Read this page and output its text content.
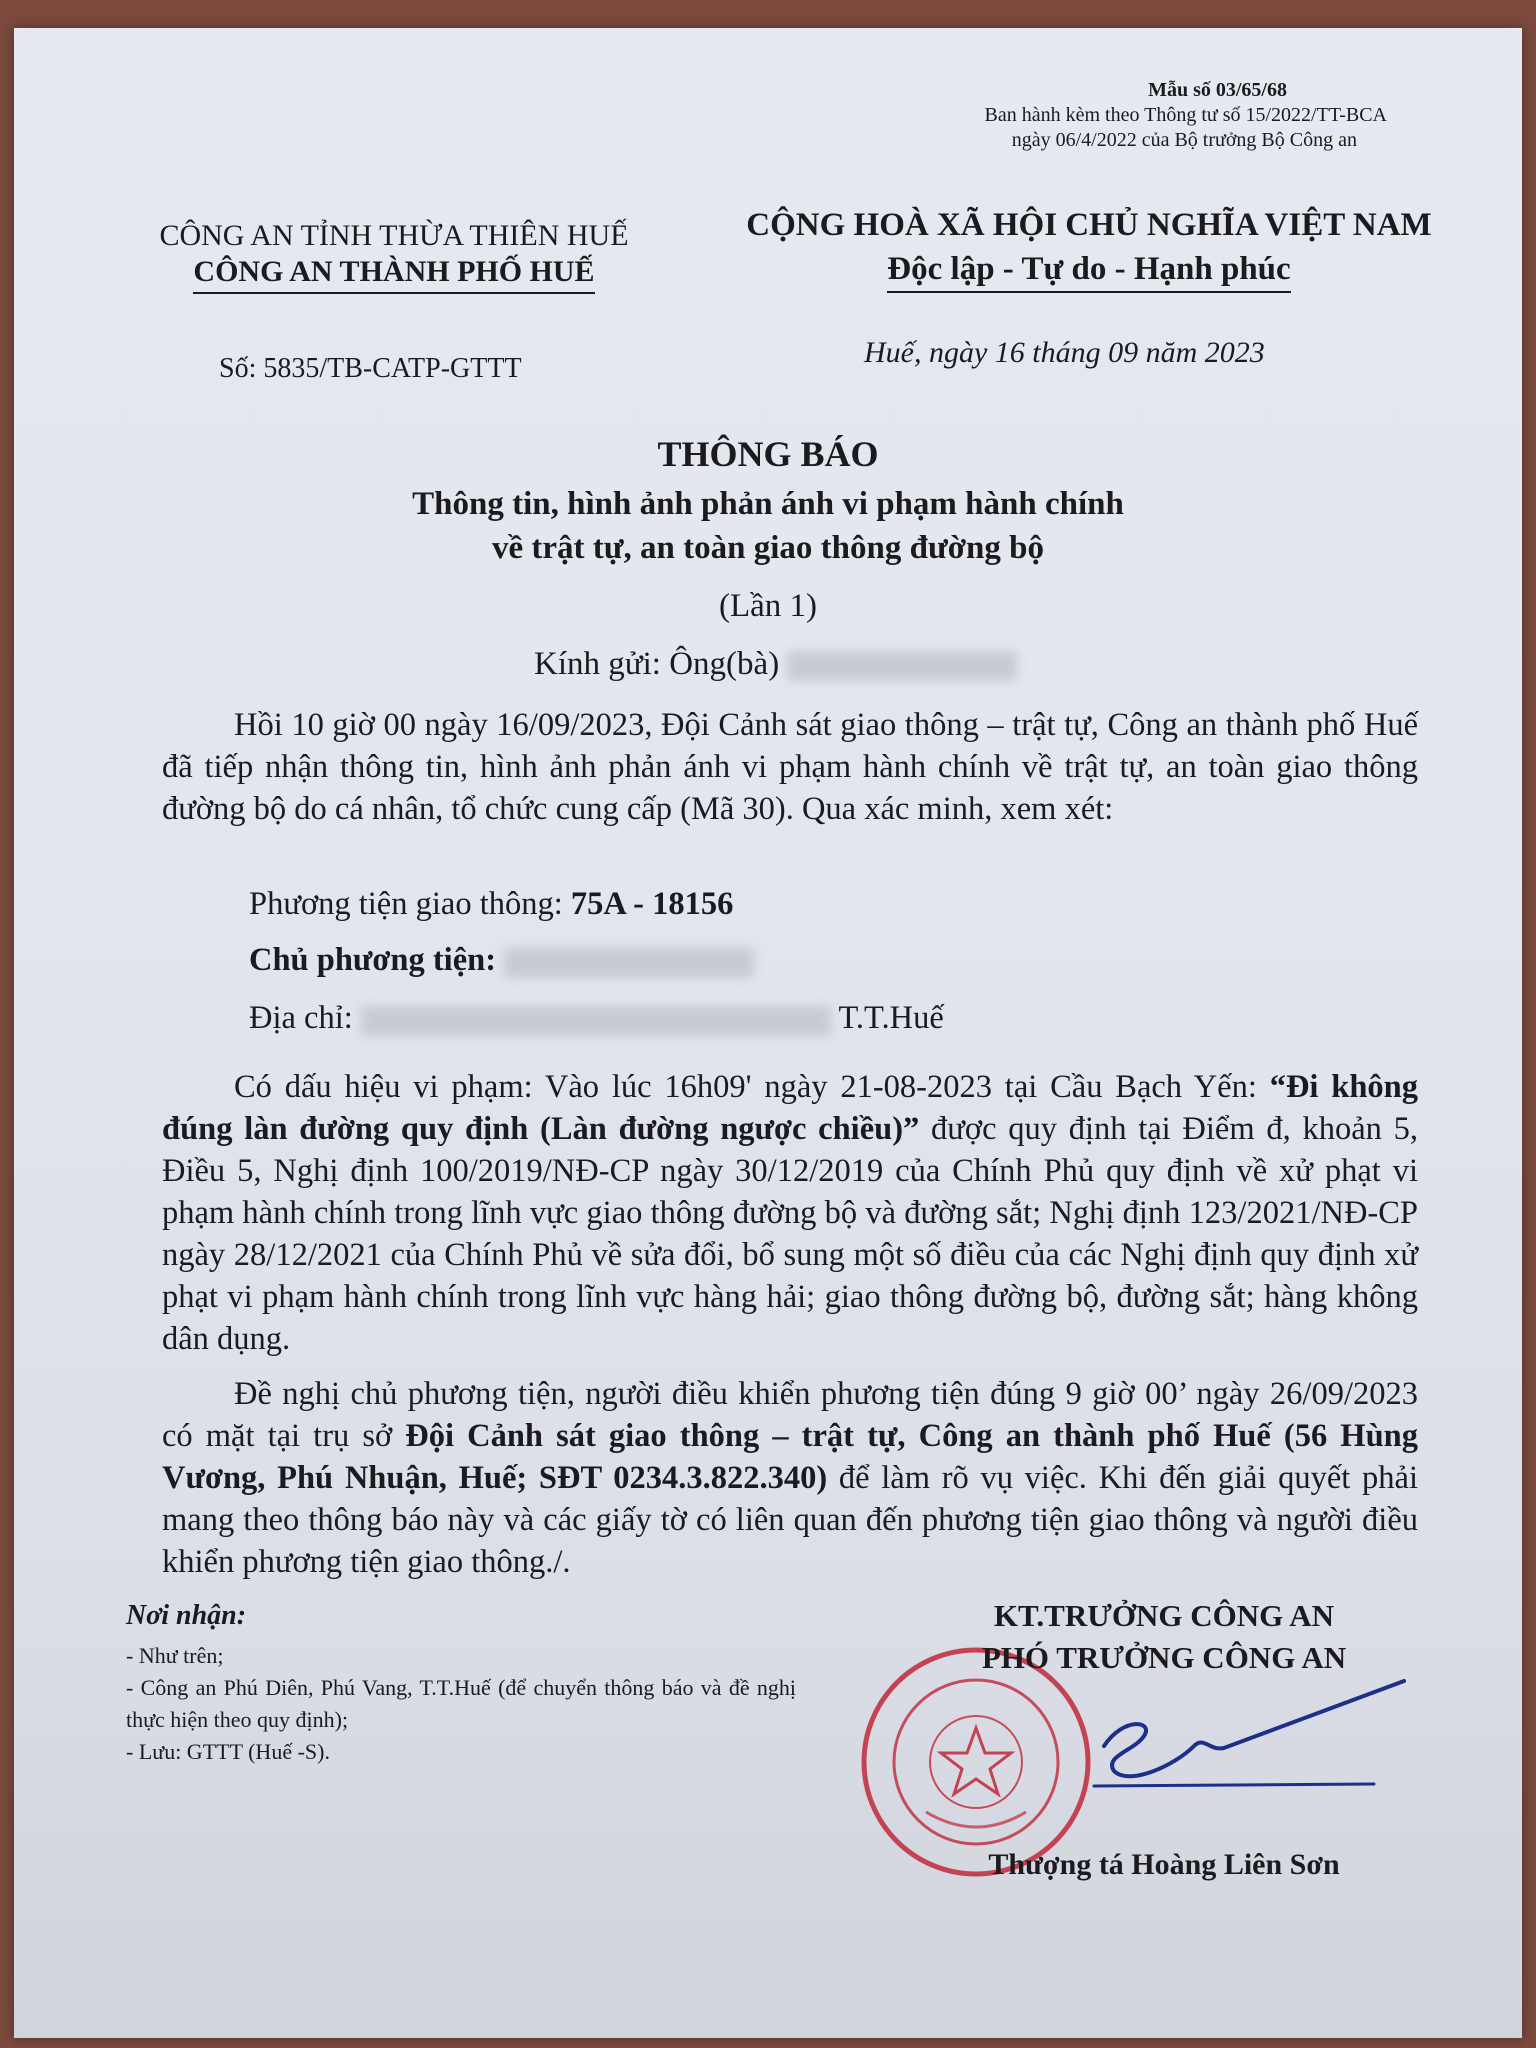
Mẫu số 03/65/68
Ban hành kèm theo Thông tư số 15/2022/TT-BCA
ngày 06/4/2022 của Bộ trưởng Bộ Công an
CÔNG AN TỈNH THỪA THIÊN HUẾ
CÔNG AN THÀNH PHỐ HUẾ
CỘNG HOÀ XÃ HỘI CHỦ NGHĨA VIỆT NAM
Độc lập - Tự do - Hạnh phúc
Số: 5835/TB-CATP-GTTT	Huế, ngày 16 tháng 09 năm 2023
THÔNG BÁO
Thông tin, hình ảnh phản ánh vi phạm hành chính
về trật tự, an toàn giao thông đường bộ
(Lần 1)
Kính gửi: Ông(bà)
Hồi 10 giờ 00 ngày 16/09/2023, Đội Cảnh sát giao thông – trật tự, Công an thành phố Huế đã tiếp nhận thông tin, hình ảnh phản ánh vi phạm hành chính về trật tự, an toàn giao thông đường bộ do cá nhân, tổ chức cung cấp (Mã 30). Qua xác minh, xem xét:
Phương tiện giao thông: 75A - 18156
Chủ phương tiện:
Địa chỉ:	T.T.Huế
Có dấu hiệu vi phạm: Vào lúc 16h09' ngày 21-08-2023 tại Cầu Bạch Yến: “Đi không đúng làn đường quy định (Làn đường ngược chiều)” được quy định tại Điểm đ, khoản 5, Điều 5, Nghị định 100/2019/NĐ-CP ngày 30/12/2019 của Chính Phủ quy định về xử phạt vi phạm hành chính trong lĩnh vực giao thông đường bộ và đường sắt; Nghị định 123/2021/NĐ-CP ngày 28/12/2021 của Chính Phủ về sửa đổi, bổ sung một số điều của các Nghị định quy định xử phạt vi phạm hành chính trong lĩnh vực hàng hải; giao thông đường bộ, đường sắt; hàng không dân dụng.
Đề nghị chủ phương tiện, người điều khiển phương tiện đúng 9 giờ 00’ ngày 26/09/2023 có mặt tại trụ sở Đội Cảnh sát giao thông – trật tự, Công an thành phố Huế (56 Hùng Vương, Phú Nhuận, Huế; SĐT 0234.3.822.340) để làm rõ vụ việc. Khi đến giải quyết phải mang theo thông báo này và các giấy tờ có liên quan đến phương tiện giao thông và người điều khiển phương tiện giao thông./.
Nơi nhận:
- Như trên;
- Công an Phú Diên, Phú Vang, T.T.Huế (để chuyển thông báo và đề nghị thực hiện theo quy định);
- Lưu: GTTT (Huế -S).
KT.TRƯỞNG CÔNG AN
PHÓ TRƯỞNG CÔNG AN
Thượng tá Hoàng Liên Sơn
